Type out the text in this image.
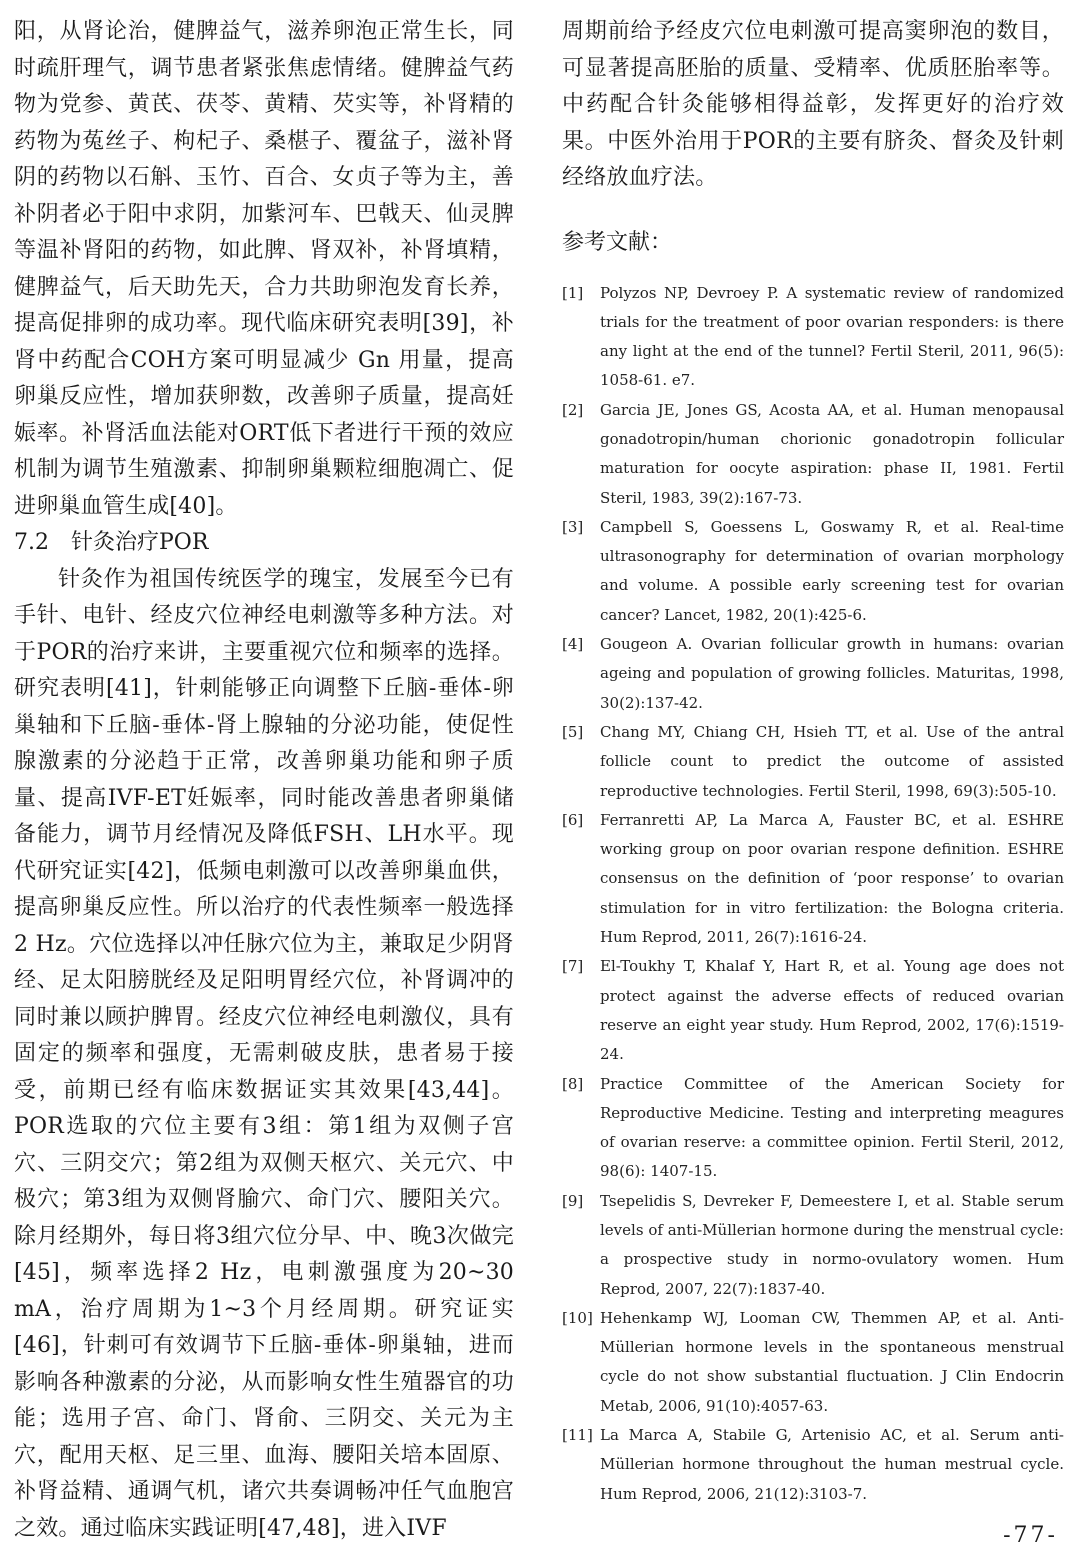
阳，从肾论治，健脾益气，滋养卵泡正常生长，同时疏肝理气，调节患者紧张焦虑情绪。健脾益气药物为党参、黄芪、茯苓、黄精、芡实等，补肾精的药物为菟丝子、枸杞子、桑椹子、覆盆子，滋补肾阴的药物以石斛、玉竹、百合、女贞子等为主，善补阴者必于阳中求阴，加紫河车、巴戟天、仙灵脾等温补肾阳的药物，如此脾、肾双补，补肾填精，健脾益气，后天助先天，合力共助卵泡发育长养，提高促排卵的成功率。现代临床研究表明[39]，补肾中药配合COH方案可明显减少 Gn 用量，提高卵巢反应性，增加获卵数，改善卵子质量，提高妊娠率。补肾活血法能对ORT低下者进行干预的效应机制为调节生殖激素、抑制卵巢颗粒细胞凋亡、促进卵巢血管生成[40]。

7.2　针灸治疗POR

针灸作为祖国传统医学的瑰宝，发展至今已有手针、电针、经皮穴位神经电刺激等多种方法。对于POR的治疗来讲，主要重视穴位和频率的选择。研究表明[41]，针刺能够正向调整下丘脑-垂体-卵巢轴和下丘脑-垂体-肾上腺轴的分泌功能，使促性腺激素的分泌趋于正常，改善卵巢功能和卵子质量、提高IVF-ET妊娠率，同时能改善患者卵巢储备能力，调节月经情况及降低FSH、LH水平。现代研究证实[42]，低频电刺激可以改善卵巢血供，提高卵巢反应性。所以治疗的代表性频率一般选择2 Hz。穴位选择以冲任脉穴位为主，兼取足少阴肾经、足太阳膀胱经及足阳明胃经穴位，补肾调冲的同时兼以顾护脾胃。经皮穴位神经电刺激仪，具有固定的频率和强度，无需刺破皮肤，患者易于接受，前期已经有临床数据证实其效果[43,44]。POR选取的穴位主要有3组：第1组为双侧子宫穴、三阴交穴；第2组为双侧天枢穴、关元穴、中极穴；第3组为双侧肾腧穴、命门穴、腰阳关穴。除月经期外，每日将3组穴位分早、中、晚3次做完[45]，频率选择2 Hz，电刺激强度为20~30 mA，治疗周期为1~3个月经周期。研究证实[46]，针刺可有效调节下丘脑-垂体-卵巢轴，进而影响各种激素的分泌，从而影响女性生殖器官的功能；选用子宫、命门、肾俞、三阴交、关元为主穴，配用天枢、足三里、血海、腰阳关培本固原、补肾益精、通调气机，诸穴共奏调畅冲任气血胞宫之效。通过临床实践证明[47,48]，进入IVF

周期前给予经皮穴位电刺激可提高窦卵泡的数目，可显著提高胚胎的质量、受精率、优质胚胎率等。中药配合针灸能够相得益彰，发挥更好的治疗效果。中医外治用于POR的主要有脐灸、督灸及针刺经络放血疗法。

参考文献：

[1] Polyzos NP, Devroey P. A systematic review of randomized trials for the treatment of poor ovarian responders: is there any light at the end of the tunnel? Fertil Steril, 2011, 96(5): 1058-61. e7.
[2] Garcia JE, Jones GS, Acosta AA, et al. Human menopausal gonadotropin/human chorionic gonadotropin follicular maturation for oocyte aspiration: phase II, 1981. Fertil Steril, 1983, 39(2):167-73.
[3] Campbell S, Goessens L, Goswamy R, et al. Real-time ultrasonography for determination of ovarian morphology and volume. A possible early screening test for ovarian cancer? Lancet, 1982, 20(1):425-6.
[4] Gougeon A. Ovarian follicular growth in humans: ovarian ageing and population of growing follicles. Maturitas, 1998, 30(2):137-42.
[5] Chang MY, Chiang CH, Hsieh TT, et al. Use of the antral follicle count to predict the outcome of assisted reproductive technologies. Fertil Steril, 1998, 69(3):505-10.
[6] Ferranretti AP, La Marca A, Fauster BC, et al. ESHRE working group on poor ovarian respone definition. ESHRE consensus on the definition of ‘poor response’ to ovarian stimulation for in vitro fertilization: the Bologna criteria. Hum Reprod, 2011, 26(7):1616-24.
[7] El-Toukhy T, Khalaf Y, Hart R, et al. Young age does not protect against the adverse effects of reduced ovarian reserve an eight year study. Hum Reprod, 2002, 17(6):1519-24.
[8] Practice Committee of the American Society for Reproductive Medicine. Testing and interpreting meagures of ovarian reserve: a committee opinion. Fertil Steril, 2012, 98(6): 1407-15.
[9] Tsepelidis S, Devreker F, Demeestere I, et al. Stable serum levels of anti-Müllerian hormone during the menstrual cycle: a prospective study in normo-ovulatory women. Hum Reprod, 2007, 22(7):1837-40.
[10] Hehenkamp WJ, Looman CW, Themmen AP, et al. Anti-Müllerian hormone levels in the spontaneous menstrual cycle do not show substantial fluctuation. J Clin Endocrin Metab, 2006, 91(10):4057-63.
[11] La Marca A, Stabile G, Artenisio AC, et al. Serum anti-Müllerian hormone throughout the human mestrual cycle. Hum Reprod, 2006, 21(12):3103-7.
-77-
